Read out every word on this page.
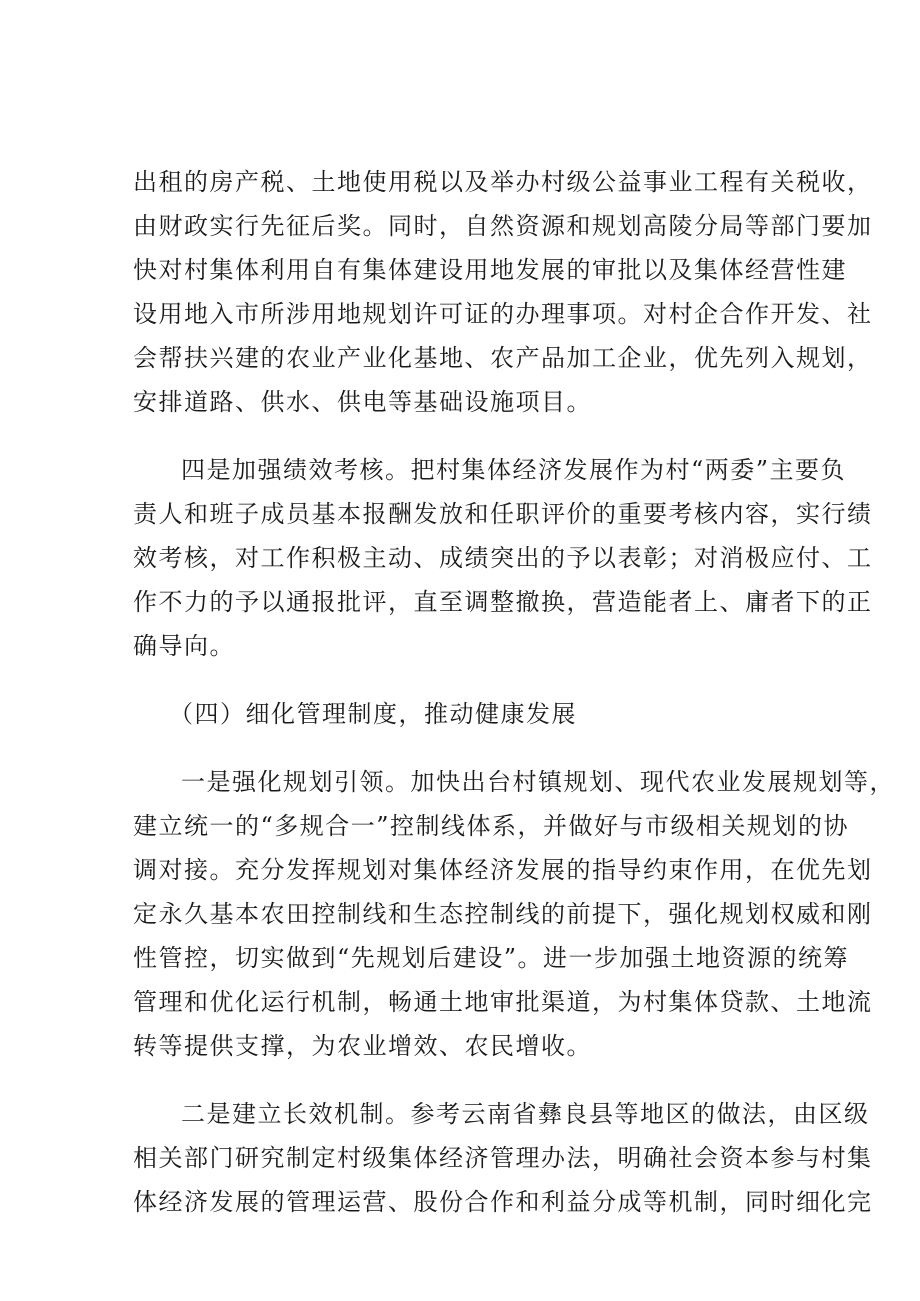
出租的房产税、土地使用税以及举办村级公益事业工程有关税收，
由财政实行先征后奖。同时，自然资源和规划高陵分局等部门要加
快对村集体利用自有集体建设用地发展的审批以及集体经营性建
设用地入市所涉用地规划许可证的办理事项。对村企合作开发、社
会帮扶兴建的农业产业化基地、农产品加工企业，优先列入规划，
安排道路、供水、供电等基础设施项目。
四是加强绩效考核。把村集体经济发展作为村“两委”主要负
责人和班子成员基本报酬发放和任职评价的重要考核内容，实行绩
效考核，对工作积极主动、成绩突出的予以表彰；对消极应付、工
作不力的予以通报批评，直至调整撤换，营造能者上、庸者下的正
确导向。
（四）细化管理制度，推动健康发展
一是强化规划引领。加快出台村镇规划、现代农业发展规划等，
建立统一的“多规合一”控制线体系，并做好与市级相关规划的协
调对接。充分发挥规划对集体经济发展的指导约束作用，在优先划
定永久基本农田控制线和生态控制线的前提下，强化规划权威和刚
性管控，切实做到“先规划后建设”。进一步加强土地资源的统筹
管理和优化运行机制，畅通土地审批渠道，为村集体贷款、土地流
转等提供支撑，为农业增效、农民增收。
二是建立长效机制。参考云南省彝良县等地区的做法，由区级
相关部门研究制定村级集体经济管理办法，明确社会资本参与村集
体经济发展的管理运营、股份合作和利益分成等机制，同时细化完
